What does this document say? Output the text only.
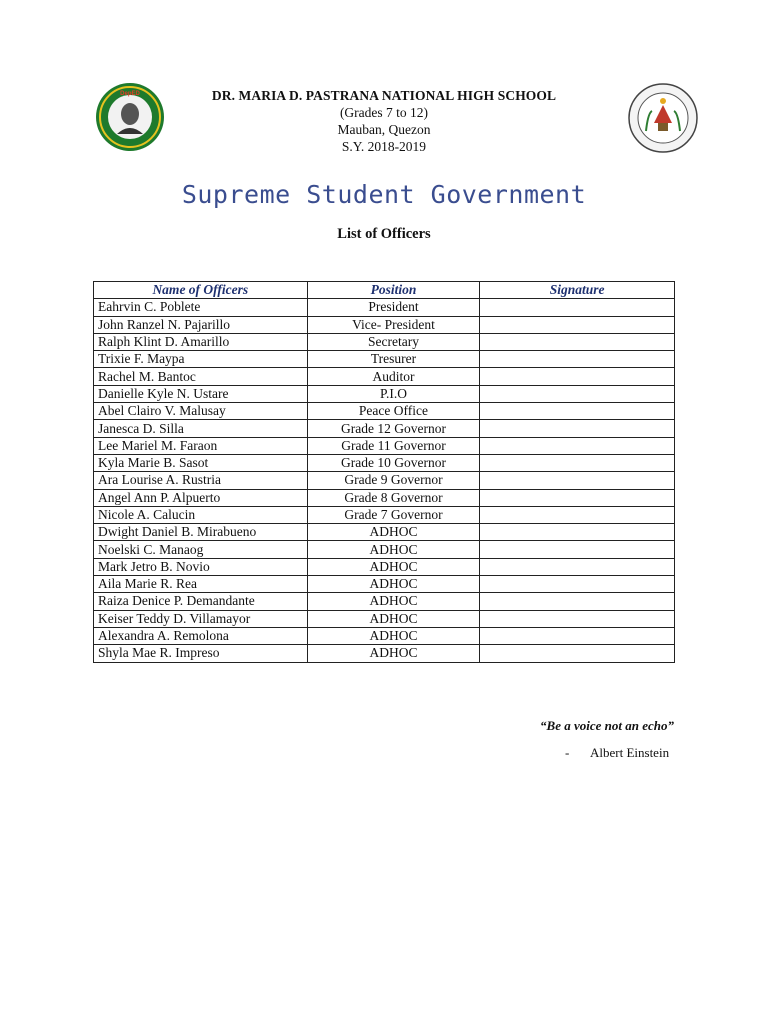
DepED	DR. MARIA D. PASTRANA NATIONAL HIGH SCHOOL
(Grades 7 to 12)
Mauban, Quezon
S.Y. 2018-2019
Supreme Student Government
List of Officers
Name of Officers	Position	Signature
Eahrvin C. Poblete	President	
John Ranzel N. Pajarillo	Vice- President	
Ralph Klint D. Amarillo	Secretary	
Trixie F. Maypa	Tresurer	
Rachel M. Bantoc	Auditor	
Danielle Kyle N. Ustare	P.I.O	
Abel Clairo V. Malusay	Peace Office	
Janesca D. Silla	Grade 12 Governor	
Lee Mariel M. Faraon	Grade 11 Governor	
Kyla Marie B. Sasot	Grade 10 Governor	
Ara Lourise A. Rustria	Grade 9 Governor	
Angel Ann P. Alpuerto	Grade 8 Governor	
Nicole A. Calucin	Grade 7 Governor	
Dwight Daniel B. Mirabueno	ADHOC	
Noelski C. Manaog	ADHOC	
Mark Jetro B. Novio	ADHOC	
Aila Marie R. Rea	ADHOC	
Raiza Denice P. Demandante	ADHOC	
Keiser Teddy D. Villamayor	ADHOC	
Alexandra A. Remolona	ADHOC	
Shyla Mae R. Impreso	ADHOC	
“Be a voice not an echo”
- Albert Einstein
